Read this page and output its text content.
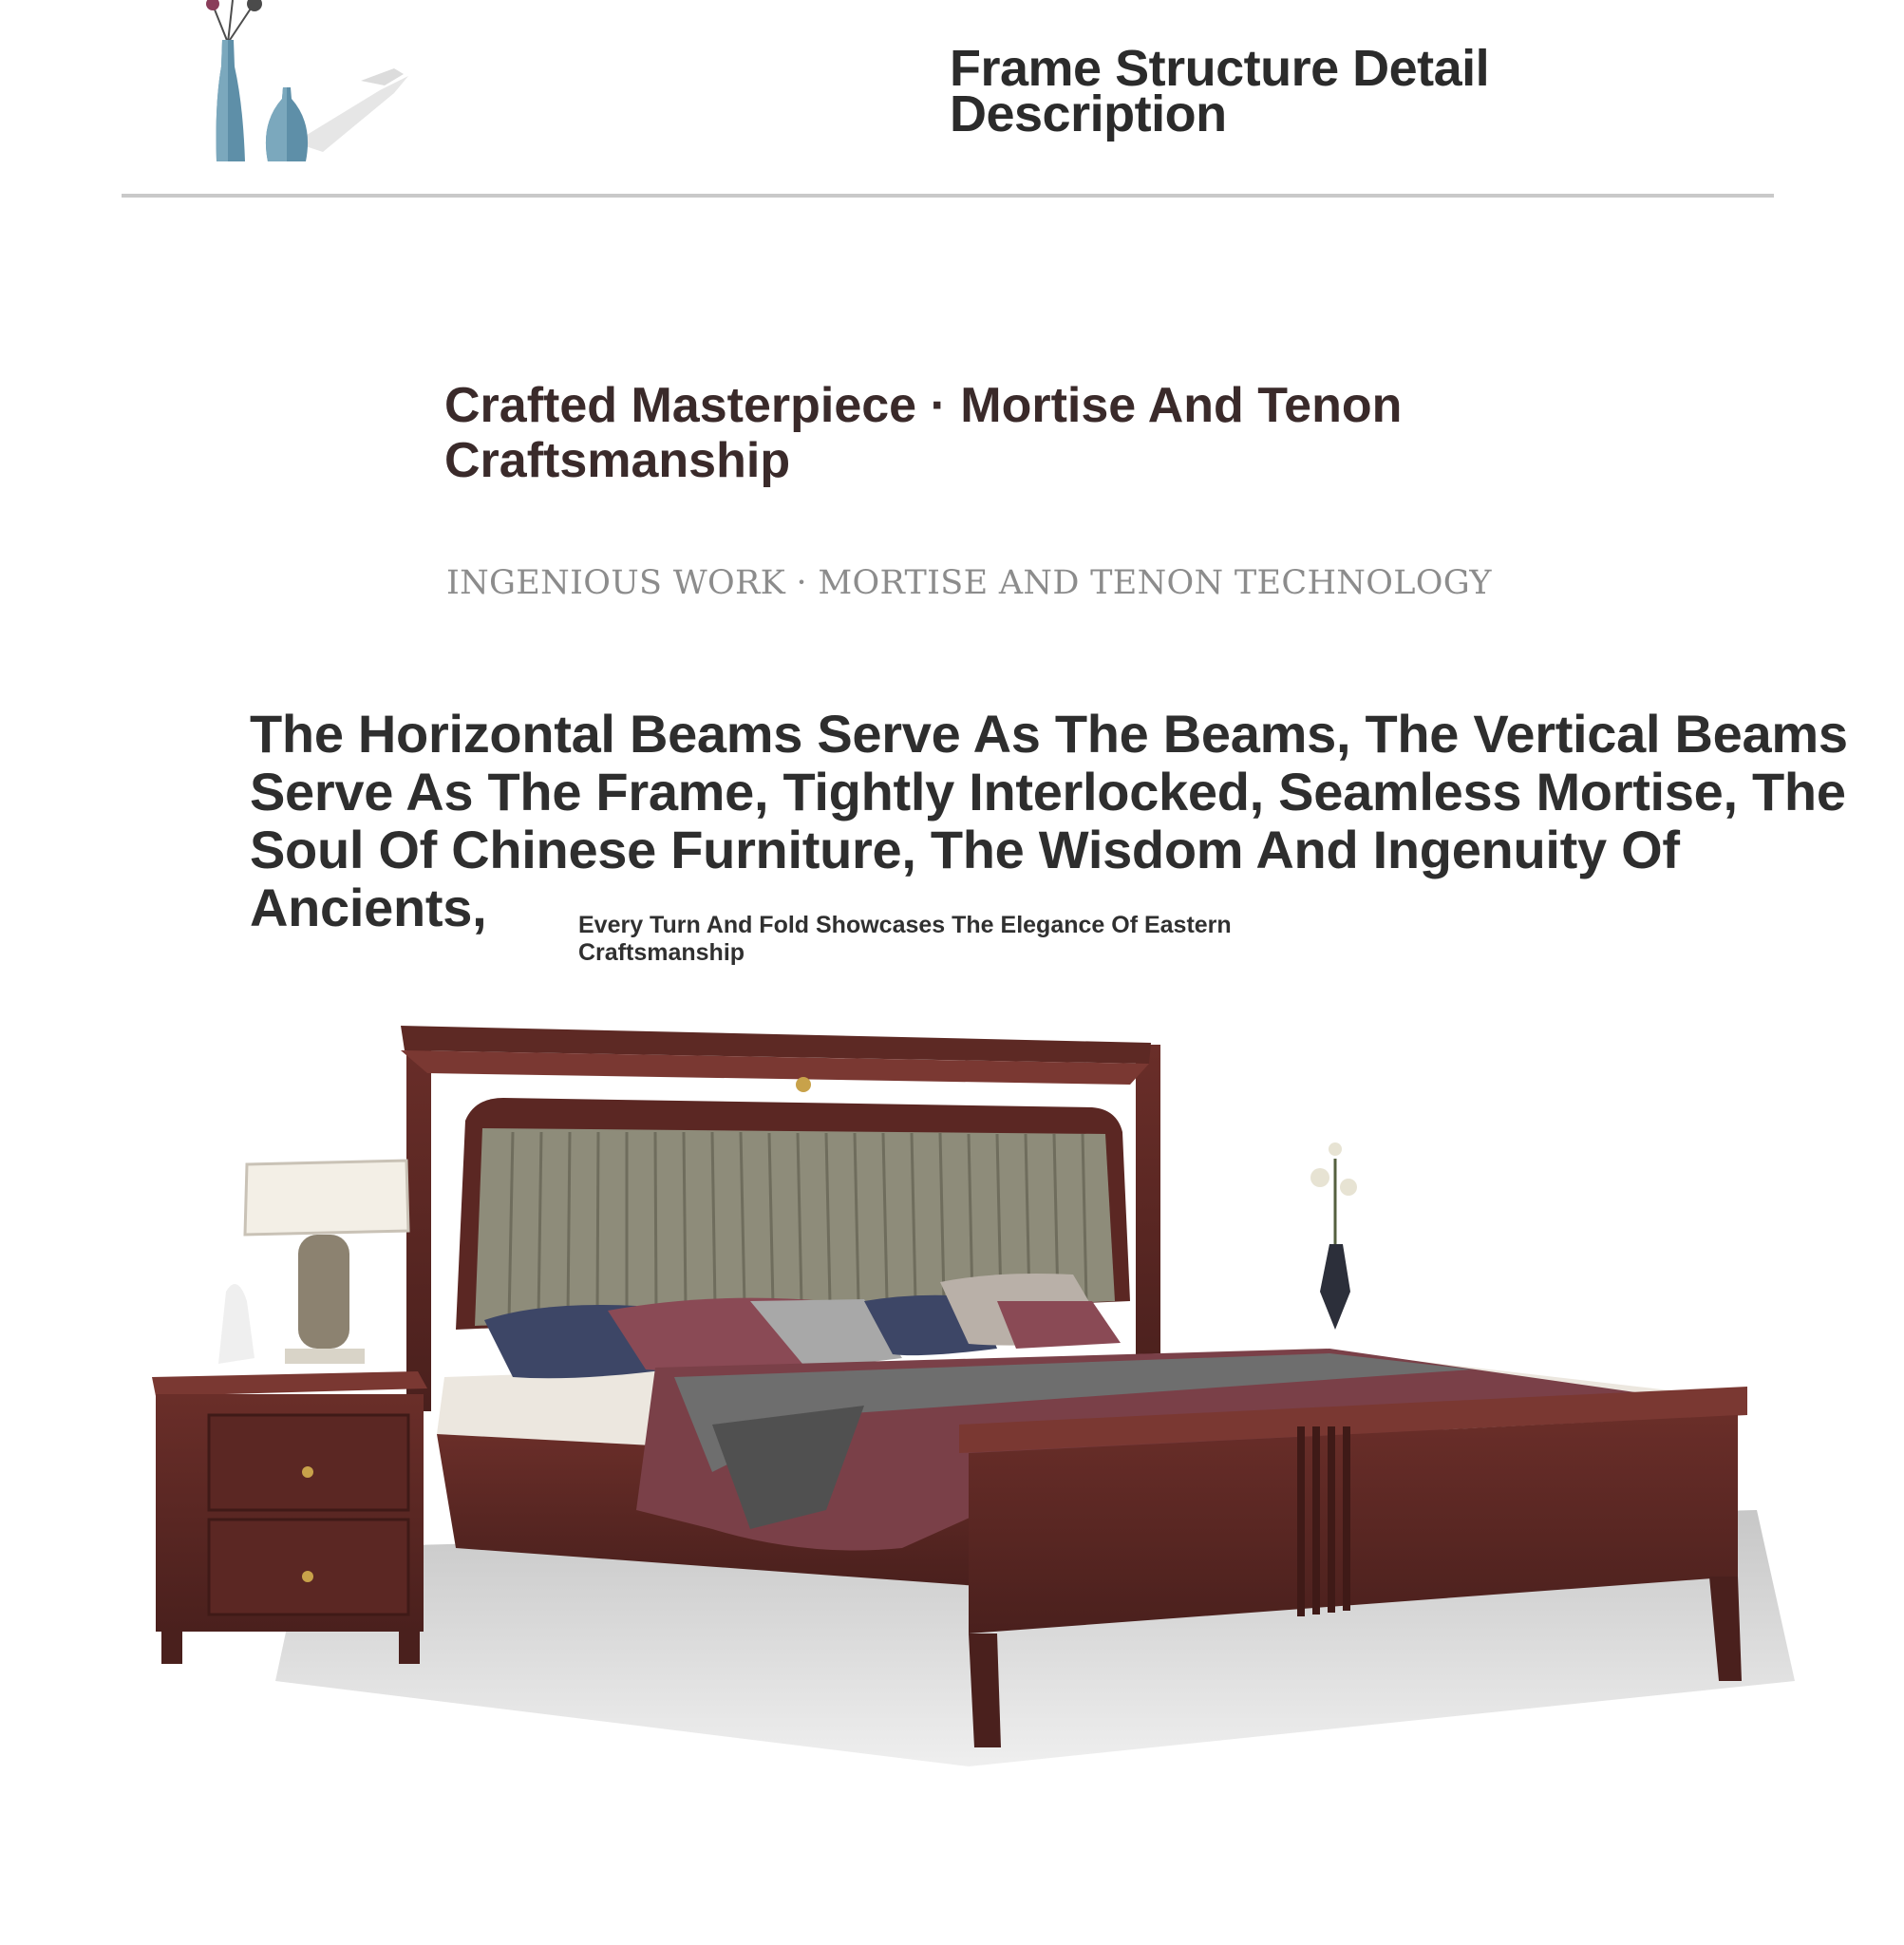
Frame Structure Detail Description
Crafted Masterpiece · Mortise And Tenon Craftsmanship
INGENIOUS WORK · MORTISE AND TENON TECHNOLOGY
The Horizontal Beams Serve As The Beams, The Vertical Beams Serve As The Frame, Tightly Interlocked, Seamless Mortise, The Soul Of Chinese Furniture, The Wisdom And Ingenuity Of Ancients,	Every Turn And Fold Showcases The Elegance Of Eastern Craftsmanship
